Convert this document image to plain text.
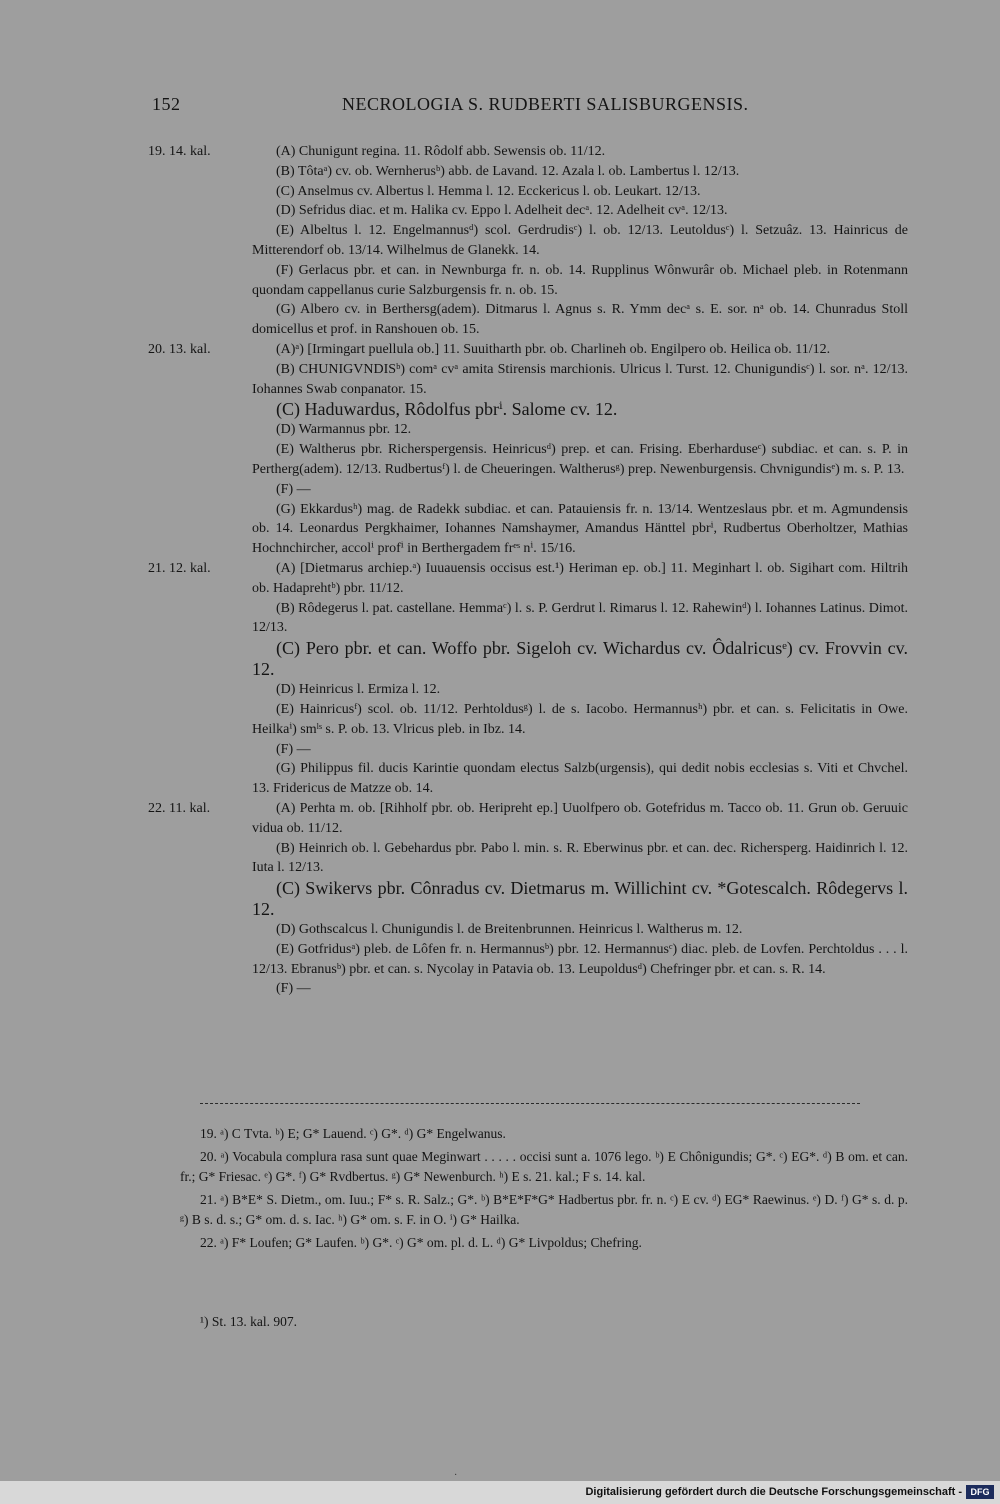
152	NECROLOGIA S. RUDBERTI SALISBURGENSIS.
19. 14. kal.	(A) Chunigunt regina. 11. Rôdolf abb. Sewensis ob. 11/12.

(B) Tôtaᵃ) cv. ob. Wernherusᵇ) abb. de Lavand. 12. Azala l. ob. Lambertus l. 12/13.

(C) Anselmus cv. Albertus l. Hemma l. 12. Ecckericus l. ob. Leukart. 12/13.

(D) Sefridus diac. et m. Halika cv. Eppo l. Adelheit decᵃ. 12. Adelheit cvᵃ. 12/13.

(E) Albeltus l. 12. Engelmannusᵈ) scol. Gerdrudisᶜ) l. ob. 12/13. Leutoldusᶜ) l. Setzuâz. 13. Hainricus de Mitterendorf ob. 13/14. Wilhelmus de Glanekk. 14.

(F) Gerlacus pbr. et can. in Newnburga fr. n. ob. 14. Rupplinus Wônwurâr ob. Michael pleb. in Rotenmann quondam cappellanus curie Salzburgensis fr. n. ob. 15.

(G) Albero cv. in Berthersg(adem). Ditmarus l. Agnus s. R. Ymm decᵃ s. E. sor. nᵃ ob. 14. Chunradus Stoll domicellus et prof. in Ranshouen ob. 15.

20. 13. kal.	(A)ᵃ) [Irmingart puellula ob.] 11. Suuitharth pbr. ob. Charlineh ob. Engilpero ob. Heilica ob. 11/12.

(B) CHUNIGVNDISᵇ) comᵃ cvᵃ amita Stirensis marchionis. Ulricus l. Turst. 12. Chunigundisᶜ) l. sor. nᵃ. 12/13. Iohannes Swab conpanator. 15.

(C) Haduwardus, Rôdolfus pbrⁱ. Salome cv. 12.

(D) Warmannus pbr. 12.

(E) Waltherus pbr. Richerspergensis. Heinricusᵈ) prep. et can. Frising. Eberharduseᶜ) subdiac. et can. s. P. in Pertherg(adem). 12/13. Rudbertusᶠ) l. de Cheueringen. Waltherusᵍ) prep. Newenburgensis. Chvnigundisᵉ) m. s. P. 13.

(F) —

(G) Ekkardusʰ) mag. de Radekk subdiac. et can. Patauiensis fr. n. 13/14. Wentzeslaus pbr. et m. Agmundensis ob. 14. Leonardus Pergkhaimer, Iohannes Namshaymer, Amandus Hänttel pbrⁱ, Rudbertus Oberholtzer, Mathias Hochnchircher, accolⁱ profⁱ in Berthergadem frᵉˢ nⁱ. 15/16.

21. 12. kal.	(A) [Dietmarus archiep.ᵃ) Iuuauensis occisus est.¹) Heriman ep. ob.] 11. Meginhart l. ob. Sigihart com. Hiltrih ob. Hadaprehtᵇ) pbr. 11/12.

(B) Rôdegerus l. pat. castellane. Hemmaᶜ) l. s. P. Gerdrut l. Rimarus l. 12. Rahewinᵈ) l. Iohannes Latinus. Dimot. 12/13.

(C) Pero pbr. et can. Woffo pbr. Sigeloh cv. Wichardus cv. Ôdalricusᵉ) cv. Frovvin cv. 12.

(D) Heinricus l. Ermiza l. 12.

(E) Hainricusᶠ) scol. ob. 11/12. Perhtoldusᵍ) l. de s. Iacobo. Hermannusʰ) pbr. et can. s. Felicitatis in Owe. Heilkaⁱ) smˡˢ s. P. ob. 13. Vlricus pleb. in Ibz. 14.

(F) —

(G) Philippus fil. ducis Karintie quondam electus Salzb(urgensis), qui dedit nobis ecclesias s. Viti et Chvchel. 13. Fridericus de Matzze ob. 14.

22. 11. kal.	(A) Perhta m. ob. [Rihholf pbr. ob. Heripreht ep.] Uuolfpero ob. Gotefridus m. Tacco ob. 11. Grun ob. Geruuic vidua ob. 11/12.

(B) Heinrich ob. l. Gebehardus pbr. Pabo l. min. s. R. Eberwinus pbr. et can. dec. Richersperg. Haidinrich l. 12. Iuta l. 12/13.

(C) Swikervs pbr. Cônradus cv. Dietmarus m. Willichint cv. *Gotescalch. Rôdegervs l. 12.

(D) Gothscalcus l. Chunigundis l. de Breitenbrunnen. Heinricus l. Waltherus m. 12.

(E) Gotfridusᵃ) pleb. de Lôfen fr. n. Hermannusᵇ) pbr. 12. Hermannusᶜ) diac. pleb. de Lovfen. Perchtoldus . . . l. 12/13. Ebranusᵇ) pbr. et can. s. Nycolay in Patavia ob. 13. Leupoldusᵈ) Chefringer pbr. et can. s. R. 14.

(F) —

19. ᵃ) C Tvta. ᵇ) E; G* Lauend. ᶜ) G*. ᵈ) G* Engelwanus.

20. ᵃ) Vocabula complura rasa sunt quae Meginwart . . . . . occisi sunt a. 1076 lego. ᵇ) E Chônigundis; G*. ᶜ) EG*. ᵈ) B om. et can. fr.; G* Friesac. ᵉ) G*. ᶠ) G* Rvdbertus. ᵍ) G* Newenburch. ʰ) E s. 21. kal.; F s. 14. kal.

21. ᵃ) B*E* S. Dietm., om. Iuu.; F* s. R. Salz.; G*. ᵇ) B*E*F*G* Hadbertus pbr. fr. n. ᶜ) E cv. ᵈ) EG* Raewinus. ᵉ) D. ᶠ) G* s. d. p. ᵍ) B s. d. s.; G* om. d. s. Iac. ʰ) G* om. s. F. in O. ⁱ) G* Hailka.

22. ᵃ) F* Loufen; G* Laufen. ᵇ) G*. ᶜ) G* om. pl. d. L. ᵈ) G* Livpoldus; Chefring.

¹) St. 13. kal. 907.
·
Digitalisierung gefördert durch die Deutsche Forschungsgemeinschaft - DFG
